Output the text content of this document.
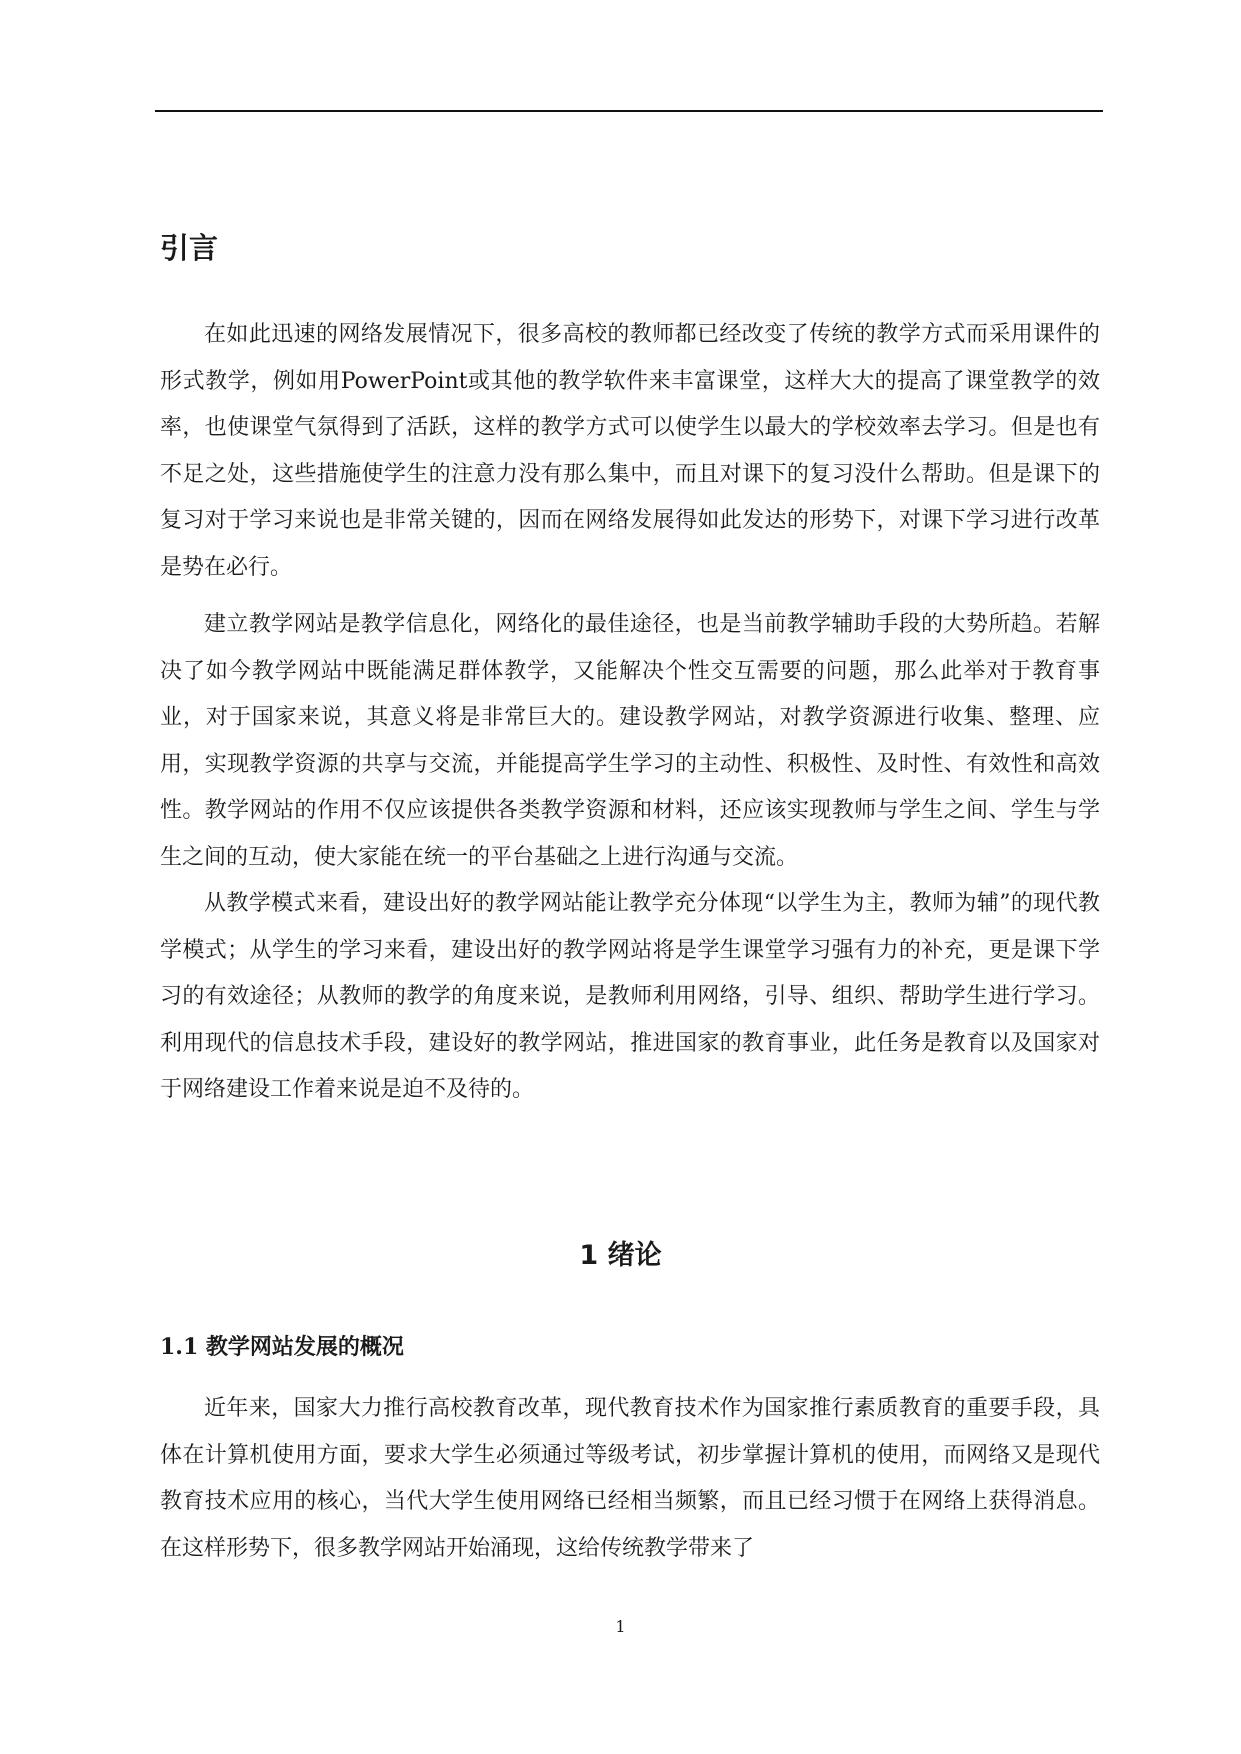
引言

在如此迅速的网络发展情况下，很多高校的教师都已经改变了传统的教学方式而采用课件的形式教学，例如用PowerPoint或其他的教学软件来丰富课堂，这样大大的提高了课堂教学的效率，也使课堂气氛得到了活跃，这样的教学方式可以使学生以最大的学校效率去学习。但是也有不足之处，这些措施使学生的注意力没有那么集中，而且对课下的复习没什么帮助。但是课下的复习对于学习来说也是非常关键的，因而在网络发展得如此发达的形势下，对课下学习进行改革是势在必行。

建立教学网站是教学信息化，网络化的最佳途径，也是当前教学辅助手段的大势所趋。若解决了如今教学网站中既能满足群体教学，又能解决个性交互需要的问题，那么此举对于教育事业，对于国家来说，其意义将是非常巨大的。建设教学网站，对教学资源进行收集、整理、应用，实现教学资源的共享与交流，并能提高学生学习的主动性、积极性、及时性、有效性和高效性。教学网站的作用不仅应该提供各类教学资源和材料，还应该实现教师与学生之间、学生与学生之间的互动，使大家能在统一的平台基础之上进行沟通与交流。

从教学模式来看，建设出好的教学网站能让教学充分体现“以学生为主，教师为辅”的现代教学模式；从学生的学习来看，建设出好的教学网站将是学生课堂学习强有力的补充，更是课下学习的有效途径；从教师的教学的角度来说，是教师利用网络，引导、组织、帮助学生进行学习。利用现代的信息技术手段，建设好的教学网站，推进国家的教育事业，此任务是教育以及国家对于网络建设工作着来说是迫不及待的。

1 绪论
1.1 教学网站发展的概况

近年来，国家大力推行高校教育改革，现代教育技术作为国家推行素质教育的重要手段，具体在计算机使用方面，要求大学生必须通过等级考试，初步掌握计算机的使用，而网络又是现代教育技术应用的核心，当代大学生使用网络已经相当频繁，而且已经习惯于在网络上获得消息。在这样形势下，很多教学网站开始涌现，这给传统教学带来了

1
